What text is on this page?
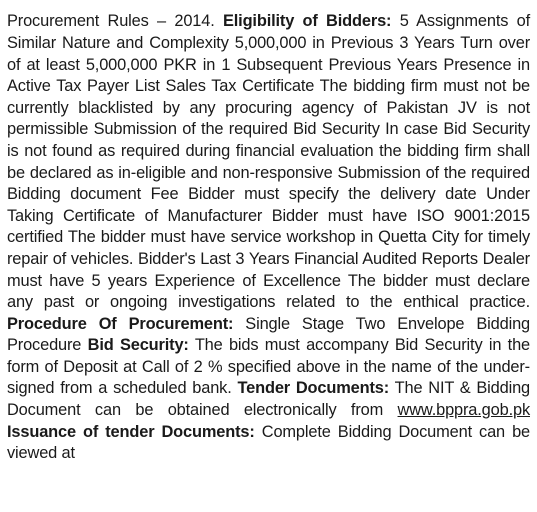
Procurement Rules – 2014. Eligibility of Bidders: 5 Assignments of Similar Nature and Complexity 5,000,000 in Previous 3 Years Turn over of at least 5,000,000 PKR in 1 Subsequent Previous Years Presence in Active Tax Payer List Sales Tax Certificate The bidding firm must not be currently blacklisted by any procuring agency of Pakistan JV is not permissible Submission of the required Bid Security In case Bid Security is not found as required during financial evaluation the bidding firm shall be declared as in-eligible and non-responsive Submission of the required Bidding document Fee Bidder must specify the delivery date Under Taking Certificate of Manufacturer Bidder must have ISO 9001:2015 certified The bidder must have service workshop in Quetta City for timely repair of vehicles. Bidder's Last 3 Years Financial Audited Reports Dealer must have 5 years Experience of Excellence The bidder must declare any past or ongoing investigations related to the enthical practice. Procedure Of Procurement: Single Stage Two Envelope Bidding Procedure Bid Security: The bids must accompany Bid Security in the form of Deposit at Call of 2 % specified above in the name of the under-signed from a scheduled bank. Tender Documents: The NIT & Bidding Document can be obtained electronically from www.bppra.gob.pk Issuance of tender Documents: Complete Bidding Document can be viewed at
